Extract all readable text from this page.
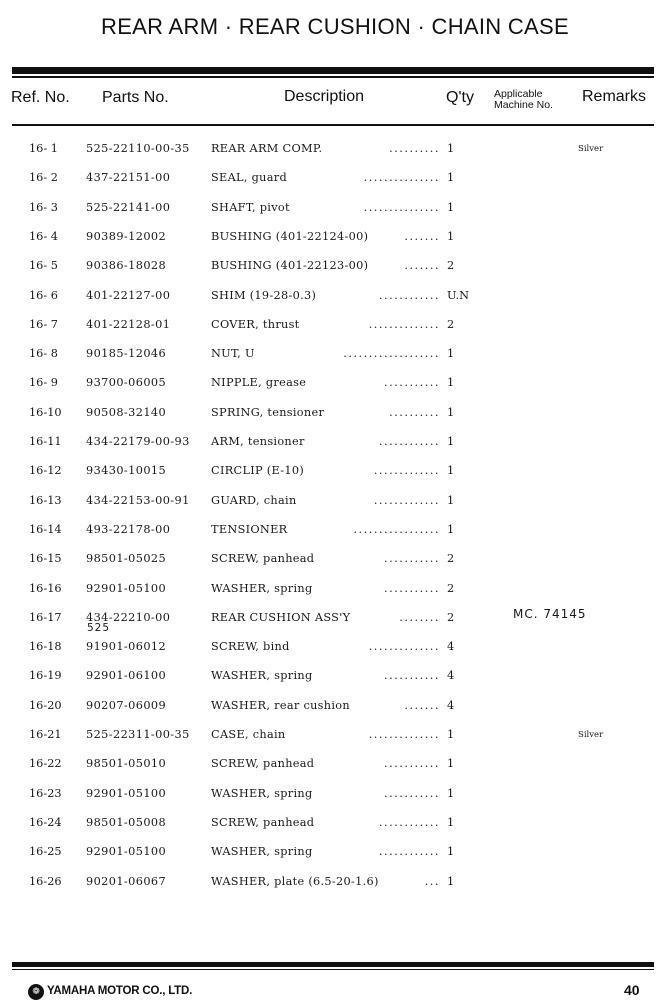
REAR ARM · REAR CUSHION · CHAIN CASE
Ref. No. Parts No.	Description	Q'ty Applicable
Machine No. Remarks
16- 1 525-22110-00-35 REAR ARM COMP.	.......... 1	Silver
16- 2 437-22151-00	SEAL, guard	............... 1
16- 3 525-22141-00	SHAFT, pivot	............... 1
16- 4 90389-12002	BUSHING (401-22124-00)	....... 1
16- 5 90386-18028	BUSHING (401-22123-00)	....... 2
16- 6 401-22127-00	SHIM (19-28-0.3)	............ U.N
16- 7 401-22128-01	COVER, thrust	.............. 2
16- 8 90185-12046	NUT, U	................... 1
16- 9 93700-06005	NIPPLE, grease	........... 1
16-10 90508-32140	SPRING, tensioner	.......... 1
16-11 434-22179-00-93 ARM, tensioner	............ 1
16-12 93430-10015	CIRCLIP (E-10)	............. 1
16-13 434-22153-00-91 GUARD, chain	............. 1
16-14 493-22178-00	TENSIONER	................. 1
16-15 98501-05025	SCREW, panhead	........... 2
16-16 92901-05100	WASHER, spring	........... 2
16-17 434-22210-00	REAR CUSHION ASS'Y	........ 2	MC. 74145
525
16-18 91901-06012	SCREW, bind	.............. 4
16-19 92901-06100	WASHER, spring	........... 4
16-20 90207-06009	WASHER, rear cushion	....... 4
16-21 525-22311-00-35 CASE, chain	.............. 1	Silver
16-22 98501-05010	SCREW, panhead	........... 1
16-23 92901-05100	WASHER, spring	........... 1
16-24 98501-05008	SCREW, panhead	............ 1
16-25 92901-05100	WASHER, spring	............ 1
16-26 90201-06067	WASHER, plate (6.5-20-1.6)	... 1
❁ YAMAHA MOTOR CO., LTD.	40
